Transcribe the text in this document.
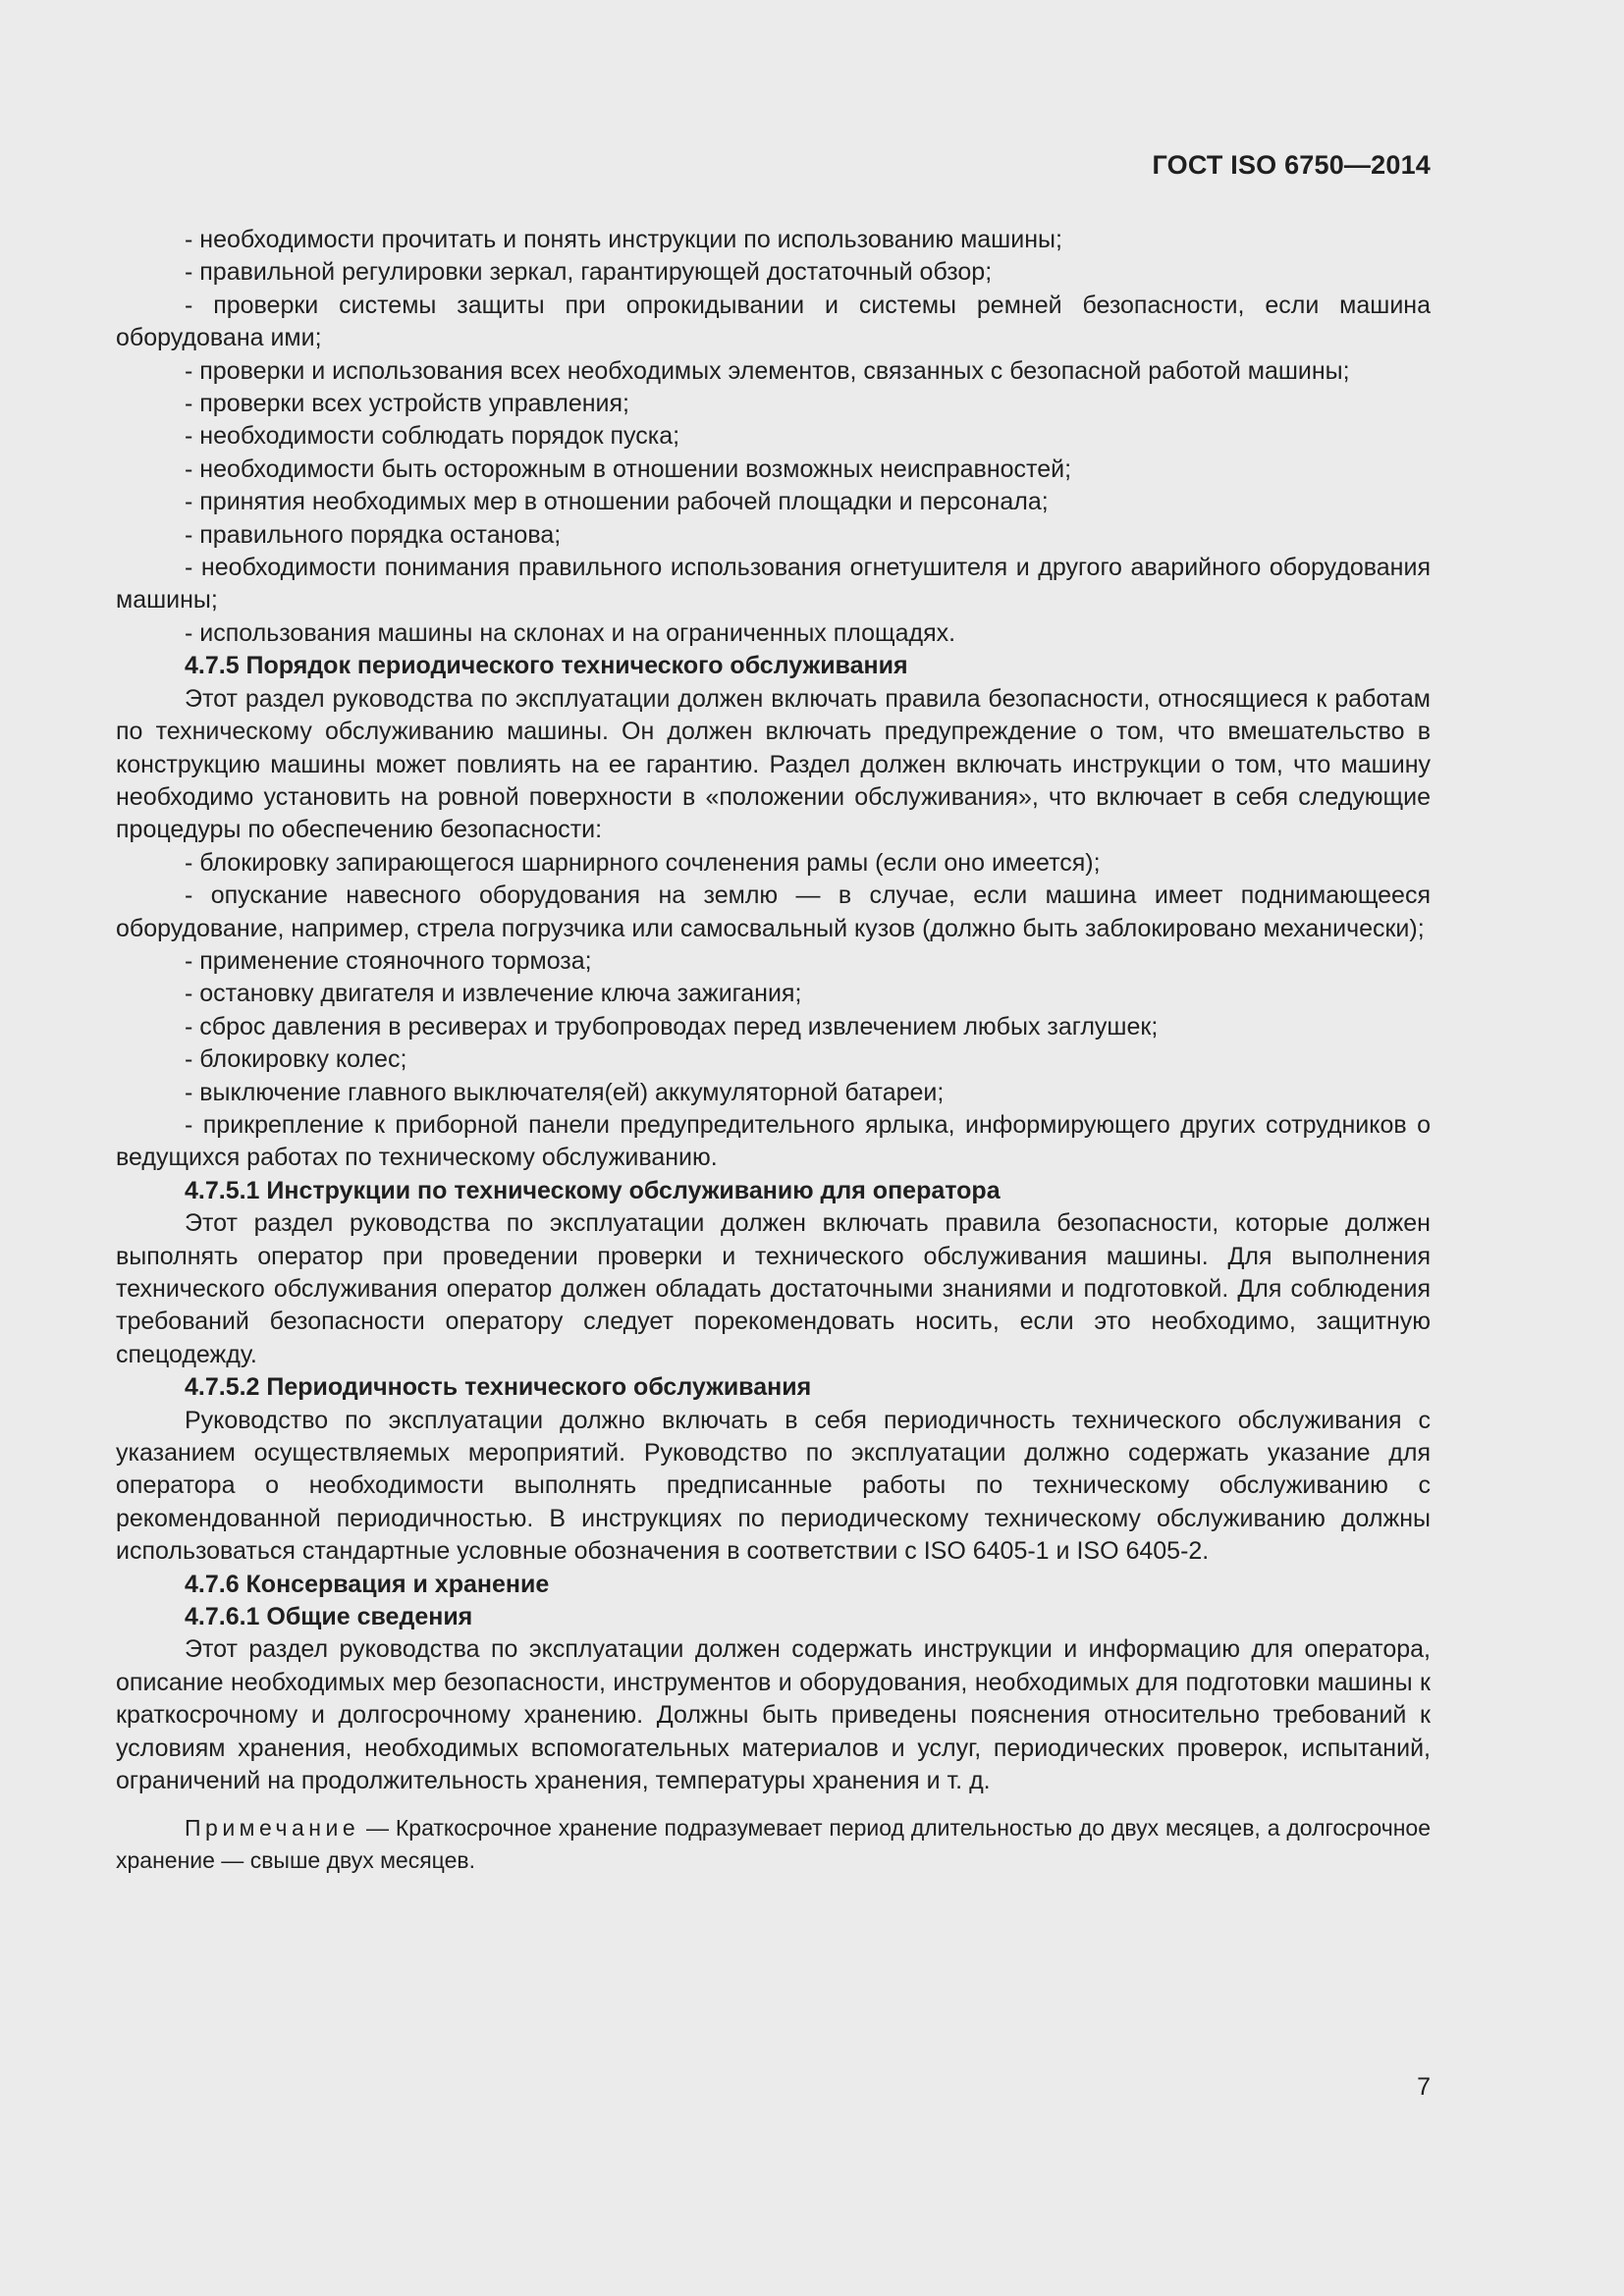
ГОСТ ISO 6750—2014

- необходимости прочитать и понять инструкции по использованию машины;

- правильной регулировки зеркал, гарантирующей достаточный обзор;

- проверки системы защиты при опрокидывании и системы ремней безопасности, если машина оборудована ими;

- проверки и использования всех необходимых элементов, связанных с безопасной работой машины;

- проверки всех устройств управления;

- необходимости соблюдать порядок пуска;

- необходимости быть осторожным в отношении возможных неисправностей;

- принятия необходимых мер в отношении рабочей площадки и персонала;

- правильного порядка останова;

- необходимости понимания правильного использования огнетушителя и другого аварийного оборудования машины;

- использования машины на склонах и на ограниченных площадях.

4.7.5 Порядок периодического технического обслуживания

Этот раздел руководства по эксплуатации должен включать правила безопасности, относящиеся к работам по техническому обслуживанию машины. Он должен включать предупреждение о том, что вмешательство в конструкцию машины может повлиять на ее гарантию. Раздел должен включать инструкции о том, что машину необходимо установить на ровной поверхности в «положении обслуживания», что включает в себя следующие процедуры по обеспечению безопасности:

- блокировку запирающегося шарнирного сочленения рамы (если оно имеется);

- опускание навесного оборудования на землю — в случае, если машина имеет поднимающееся оборудование, например, стрела погрузчика или самосвальный кузов (должно быть заблокировано механически);

- применение стояночного тормоза;

- остановку двигателя и извлечение ключа зажигания;

- сброс давления в ресиверах и трубопроводах перед извлечением любых заглушек;

- блокировку колес;

- выключение главного выключателя(ей) аккумуляторной батареи;

- прикрепление к приборной панели предупредительного ярлыка, информирующего других сотрудников о ведущихся работах по техническому обслуживанию.

4.7.5.1 Инструкции по техническому обслуживанию для оператора

Этот раздел руководства по эксплуатации должен включать правила безопасности, которые должен выполнять оператор при проведении проверки и технического обслуживания машины. Для выполнения технического обслуживания оператор должен обладать достаточными знаниями и подготовкой. Для соблюдения требований безопасности оператору следует порекомендовать носить, если это необходимо, защитную спецодежду.

4.7.5.2 Периодичность технического обслуживания

Руководство по эксплуатации должно включать в себя периодичность технического обслуживания с указанием осуществляемых мероприятий. Руководство по эксплуатации должно содержать указание для оператора о необходимости выполнять предписанные работы по техническому обслуживанию с рекомендованной периодичностью. В инструкциях по периодическому техническому обслуживанию должны использоваться стандартные условные обозначения в соответствии с ISO 6405-1 и ISO 6405-2.

4.7.6 Консервация и хранение

4.7.6.1 Общие сведения

Этот раздел руководства по эксплуатации должен содержать инструкции и информацию для оператора, описание необходимых мер безопасности, инструментов и оборудования, необходимых для подготовки машины к краткосрочному и долгосрочному хранению. Должны быть приведены пояснения относительно требований к условиям хранения, необходимых вспомогательных материалов и услуг, периодических проверок, испытаний, ограничений на продолжительность хранения, температуры хранения и т. д.

Примечание — Краткосрочное хранение подразумевает период длительностью до двух месяцев, а долгосрочное хранение — свыше двух месяцев.

7
